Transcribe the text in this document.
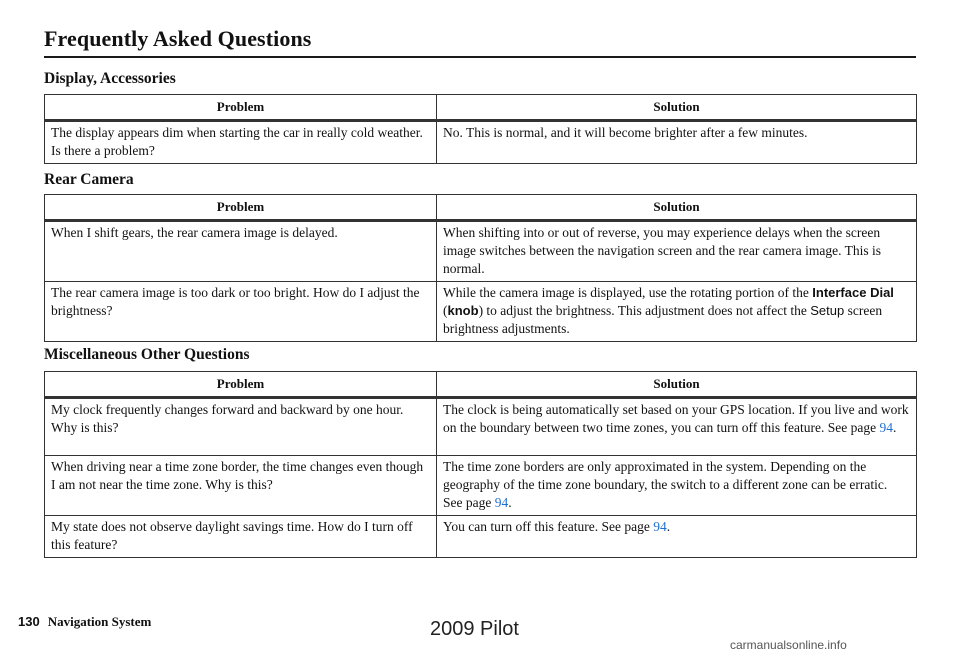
Frequently Asked Questions
Display, Accessories
Problem	Solution
The display appears dim when starting the car in really cold weather. Is there a problem?	No. This is normal, and it will become brighter after a few minutes.
Rear Camera
Problem	Solution
When I shift gears, the rear camera image is delayed.	When shifting into or out of reverse, you may experience delays when the screen image switches between the navigation screen and the rear camera image. This is normal.
The rear camera image is too dark or too bright. How do I adjust the brightness?	While the camera image is displayed, use the rotating portion of the Interface Dial (knob) to adjust the brightness. This adjustment does not affect the Setup screen brightness adjustments.
Miscellaneous Other Questions
Problem	Solution
My clock frequently changes forward and backward by one hour. Why is this?	The clock is being automatically set based on your GPS location. If you live and work on the boundary between two time zones, you can turn off this feature. See page 94.
When driving near a time zone border, the time changes even though I am not near the time zone. Why is this?	The time zone borders are only approximated in the system. Depending on the geography of the time zone boundary, the switch to a different zone can be erratic. See page 94.
My state does not observe daylight savings time. How do I turn off this feature?	You can turn off this feature. See page 94.
130 Navigation System	2009 Pilot
carmanualsonline.info
